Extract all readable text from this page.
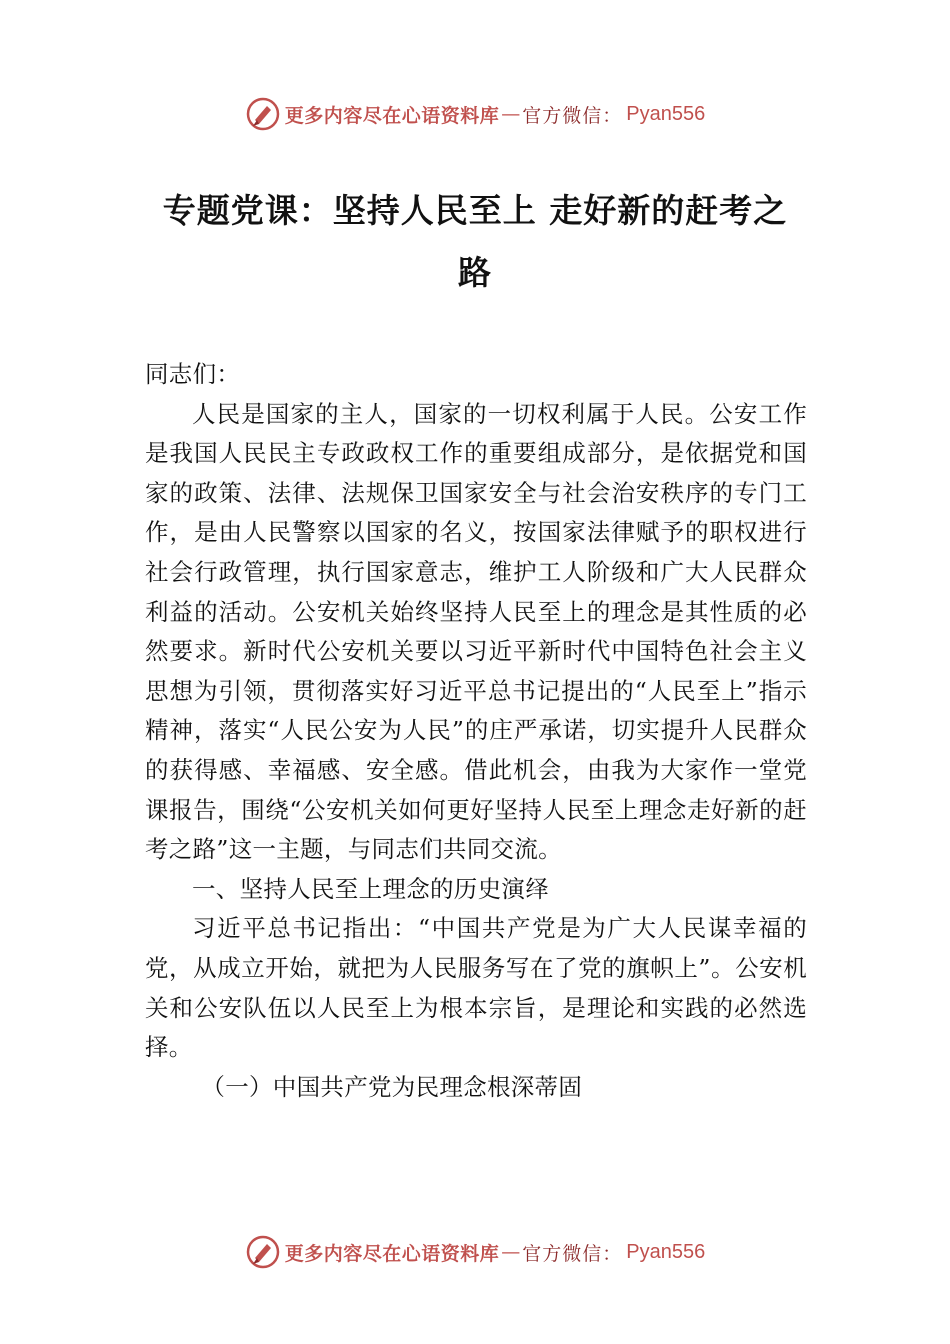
更多内容尽在心语资料库 — 官方微信： Pyan556
专题党课：坚持人民至上 走好新的赶考之
路

同志们：

人民是国家的主人，国家的一切权利属于人民。公安工作是我国人民民主专政政权工作的重要组成部分，是依据党和国家的政策、法律、法规保卫国家安全与社会治安秩序的专门工作，是由人民警察以国家的名义，按国家法律赋予的职权进行社会行政管理，执行国家意志，维护工人阶级和广大人民群众利益的活动。公安机关始终坚持人民至上的理念是其性质的必然要求。新时代公安机关要以习近平新时代中国特色社会主义思想为引领，贯彻落实好习近平总书记提出的“人民至上”指示精神，落实“人民公安为人民”的庄严承诺，切实提升人民群众的获得感、幸福感、安全感。借此机会，由我为大家作一堂党课报告，围绕“公安机关如何更好坚持人民至上理念走好新的赶考之路”这一主题，与同志们共同交流。

一、坚持人民至上理念的历史演绎

习近平总书记指出：“中国共产党是为广大人民谋幸福的党，从成立开始，就把为人民服务写在了党的旗帜上”。公安机关和公安队伍以人民至上为根本宗旨，是理论和实践的必然选择。

（一）中国共产党为民理念根深蒂固

更多内容尽在心语资料库 — 官方微信： Pyan556
